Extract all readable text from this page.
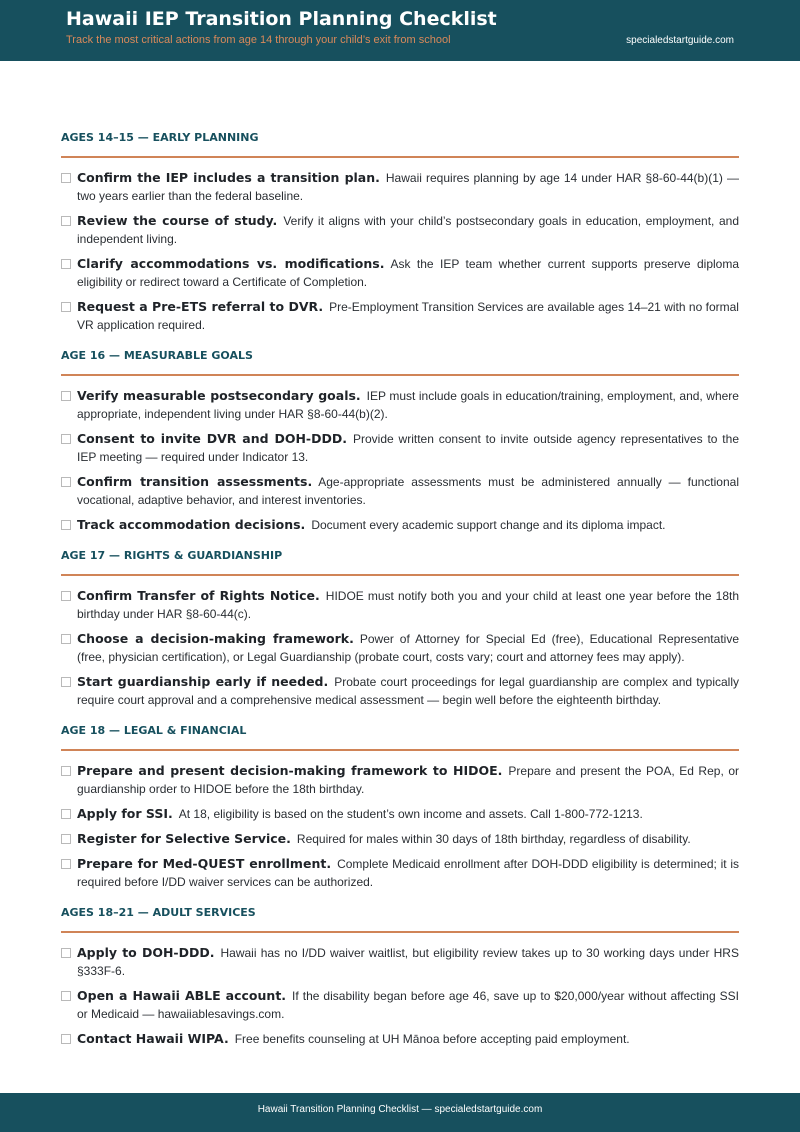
Hawaii IEP Transition Planning Checklist
Track the most critical actions from age 14 through your child’s exit from school	specialedstartguide.com
AGES 14–15 — EARLY PLANNING
Confirm the IEP includes a transition plan. Hawaii requires planning by age 14 under HAR §8-60-44(b)(1) — two years earlier than the federal baseline.
Review the course of study. Verify it aligns with your child’s postsecondary goals in education, employment, and independent living.
Clarify accommodations vs. modifications. Ask the IEP team whether current supports preserve diploma eligibility or redirect toward a Certificate of Completion.
Request a Pre-ETS referral to DVR. Pre-Employment Transition Services are available ages 14–21 with no formal VR application required.
AGE 16 — MEASURABLE GOALS
Verify measurable postsecondary goals. IEP must include goals in education/training, employment, and, where appropriate, independent living under HAR §8-60-44(b)(2).
Consent to invite DVR and DOH-DDD. Provide written consent to invite outside agency representatives to the IEP meeting — required under Indicator 13.
Confirm transition assessments. Age-appropriate assessments must be administered annually — functional vocational, adaptive behavior, and interest inventories.
Track accommodation decisions. Document every academic support change and its diploma impact.
AGE 17 — RIGHTS & GUARDIANSHIP
Confirm Transfer of Rights Notice. HIDOE must notify both you and your child at least one year before the 18th birthday under HAR §8-60-44(c).
Choose a decision-making framework. Power of Attorney for Special Ed (free), Educational Representative (free, physician certification), or Legal Guardianship (probate court, costs vary; court and attorney fees may apply).
Start guardianship early if needed. Probate court proceedings for legal guardianship are complex and typically require court approval and a comprehensive medical assessment — begin well before the eighteenth birthday.
AGE 18 — LEGAL & FINANCIAL
Prepare and present decision-making framework to HIDOE. Prepare and present the POA, Ed Rep, or guardianship order to HIDOE before the 18th birthday.
Apply for SSI. At 18, eligibility is based on the student’s own income and assets. Call 1-800-772-1213.
Register for Selective Service. Required for males within 30 days of 18th birthday, regardless of disability.
Prepare for Med-QUEST enrollment. Complete Medicaid enrollment after DOH-DDD eligibility is determined; it is required before I/DD waiver services can be authorized.
AGES 18–21 — ADULT SERVICES
Apply to DOH-DDD. Hawaii has no I/DD waiver waitlist, but eligibility review takes up to 30 working days under HRS §333F-6.
Open a Hawaii ABLE account. If the disability began before age 46, save up to $20,000/year without affecting SSI or Medicaid — hawaiiablesavings.com.
Contact Hawaii WIPA. Free benefits counseling at UH Mānoa before accepting paid employment.
Hawaii Transition Planning Checklist — specialedstartguide.com
